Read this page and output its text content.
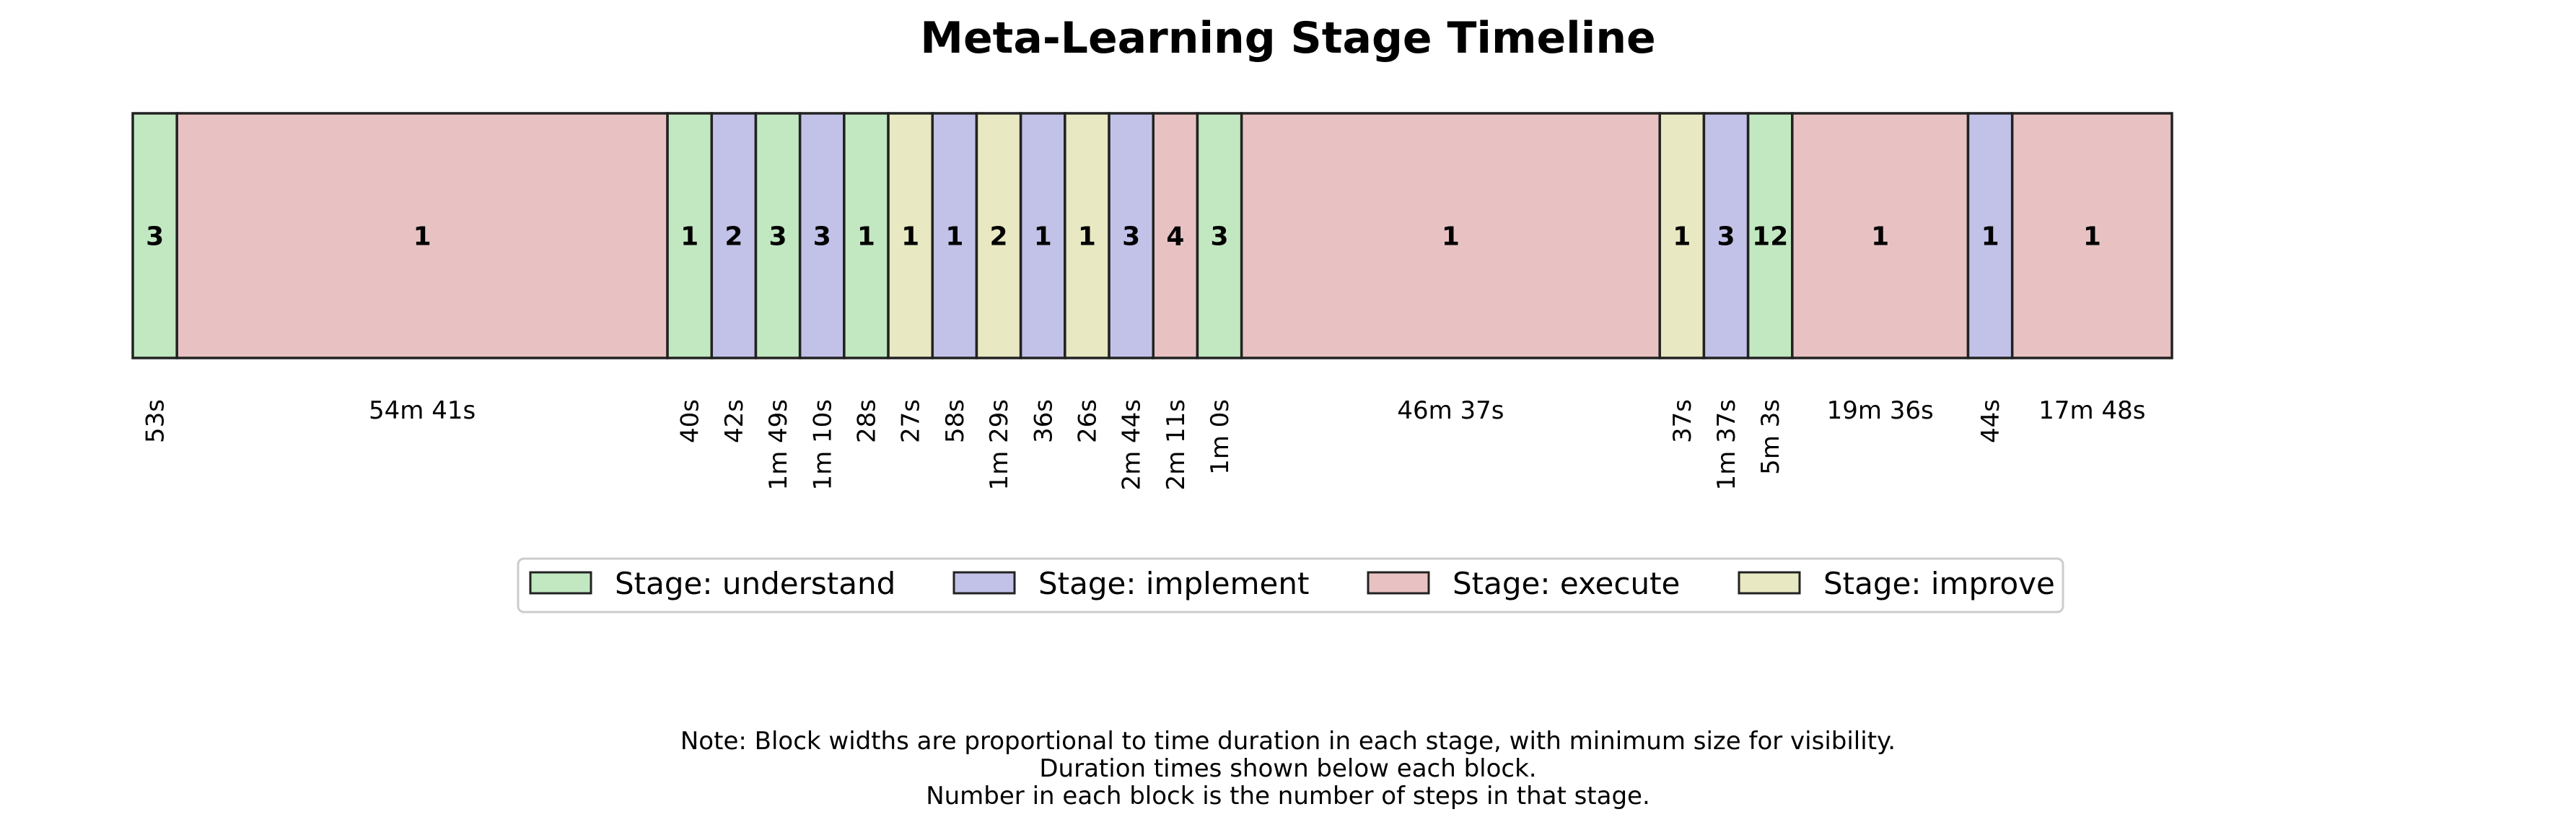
Meta-Learning Stage Timeline
3
53s
1
54m 41s
1
40s
2
42s
3
1m 49s
3
1m 10s
1
28s
1
27s
1
58s
2
1m 29s
1
36s
1
26s
3
2m 44s
4
2m 11s
3
1m 0s
1
46m 37s
1
37s
3
1m 37s
12
5m 3s
1
19m 36s
1
44s
1
17m 48s
Stage: understand	Stage: implement	Stage: execute	Stage: improve
Note: Block widths are proportional to time duration in each stage, with minimum size for visibility.
Duration times shown below each block.
Number in each block is the number of steps in that stage.
